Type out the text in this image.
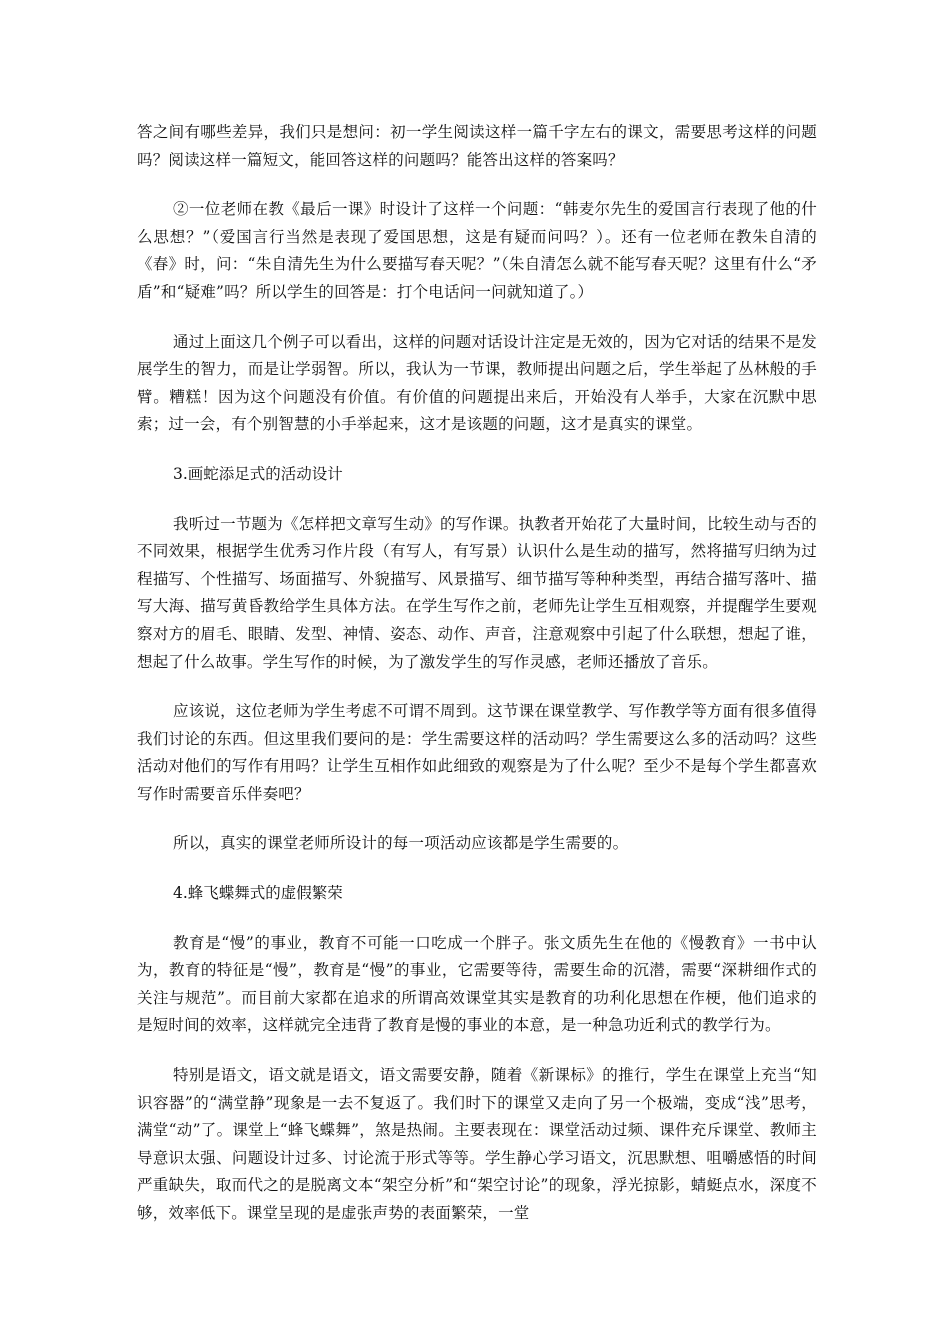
答之间有哪些差异，我们只是想问：初一学生阅读这样一篇千字左右的课文，需要思考这样的问题吗？阅读这样一篇短文，能回答这样的问题吗？能答出这样的答案吗？

②一位老师在教《最后一课》时设计了这样一个问题：“韩麦尔先生的爱国言行表现了他的什么思想？”（爱国言行当然是表现了爱国思想，这是有疑而问吗？）。还有一位老师在教朱自清的《春》时，问：“朱自清先生为什么要描写春天呢？”（朱自清怎么就不能写春天呢？这里有什么“矛盾”和“疑难”吗？所以学生的回答是：打个电话问一问就知道了。）

通过上面这几个例子可以看出，这样的问题对话设计注定是无效的，因为它对话的结果不是发展学生的智力，而是让学弱智。所以，我认为一节课，教师提出问题之后，学生举起了丛林般的手臂。糟糕！因为这个问题没有价值。有价值的问题提出来后，开始没有人举手，大家在沉默中思索；过一会，有个别智慧的小手举起来，这才是该题的问题，这才是真实的课堂。

3.画蛇添足式的活动设计

我听过一节题为《怎样把文章写生动》的写作课。执教者开始花了大量时间，比较生动与否的不同效果，根据学生优秀习作片段（有写人，有写景）认识什么是生动的描写，然将描写归纳为过程描写、个性描写、场面描写、外貌描写、风景描写、细节描写等种种类型，再结合描写落叶、描写大海、描写黄昏教给学生具体方法。在学生写作之前，老师先让学生互相观察，并提醒学生要观察对方的眉毛、眼睛、发型、神情、姿态、动作、声音，注意观察中引起了什么联想，想起了谁，想起了什么故事。学生写作的时候，为了激发学生的写作灵感，老师还播放了音乐。

应该说，这位老师为学生考虑不可谓不周到。这节课在课堂教学、写作教学等方面有很多值得我们讨论的东西。但这里我们要问的是：学生需要这样的活动吗？学生需要这么多的活动吗？这些活动对他们的写作有用吗？让学生互相作如此细致的观察是为了什么呢？至少不是每个学生都喜欢写作时需要音乐伴奏吧？

所以，真实的课堂老师所设计的每一项活动应该都是学生需要的。

4.蜂飞蝶舞式的虚假繁荣

教育是“慢”的事业，教育不可能一口吃成一个胖子。张文质先生在他的《慢教育》一书中认为，教育的特征是“慢”，教育是“慢”的事业，它需要等待，需要生命的沉潜，需要“深耕细作式的关注与规范”。而目前大家都在追求的所谓高效课堂其实是教育的功利化思想在作梗，他们追求的是短时间的效率，这样就完全违背了教育是慢的事业的本意，是一种急功近利式的教学行为。

特别是语文，语文就是语文，语文需要安静，随着《新课标》的推行，学生在课堂上充当“知识容器”的“满堂静”现象是一去不复返了。我们时下的课堂又走向了另一个极端，变成“浅”思考，满堂“动”了。课堂上“蜂飞蝶舞”，煞是热闹。主要表现在：课堂活动过频、课件充斥课堂、教师主导意识太强、问题设计过多、讨论流于形式等等。学生静心学习语文，沉思默想、咀嚼感悟的时间严重缺失，取而代之的是脱离文本“架空分析”和“架空讨论”的现象，浮光掠影，蜻蜓点水，深度不够，效率低下。课堂呈现的是虚张声势的表面繁荣，一堂
